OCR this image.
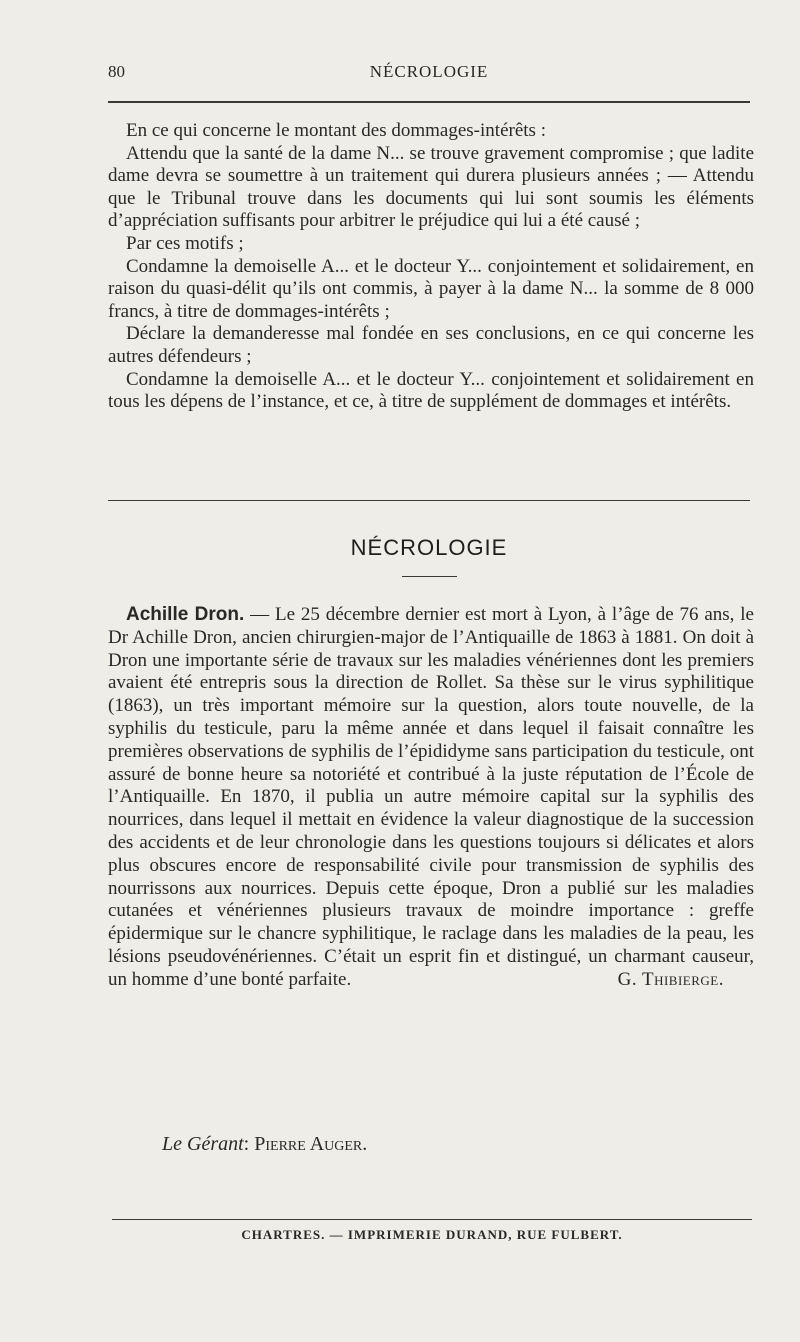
80	NÉCROLOGIE

En ce qui concerne le montant des dommages-intérêts :

Attendu que la santé de la dame N... se trouve gravement compromise ; que ladite dame devra se soumettre à un traitement qui durera plusieurs années ; — Attendu que le Tribunal trouve dans les documents qui lui sont soumis les éléments d’appréciation suffisants pour arbitrer le préjudice qui lui a été causé ;

Par ces motifs ;

Condamne la demoiselle A... et le docteur Y... conjointement et solidairement, en raison du quasi-délit qu’ils ont commis, à payer à la dame N... la somme de 8 000 francs, à titre de dommages-intérêts ;

Déclare la demanderesse mal fondée en ses conclusions, en ce qui concerne les autres défendeurs ;

Condamne la demoiselle A... et le docteur Y... conjointement et solidairement en tous les dépens de l’instance, et ce, à titre de supplément de dommages et intérêts.

NÉCROLOGIE

Achille Dron. — Le 25 décembre dernier est mort à Lyon, à l’âge de 76 ans, le Dr Achille Dron, ancien chirurgien-major de l’Antiquaille de 1863 à 1881. On doit à Dron une importante série de travaux sur les maladies vénériennes dont les premiers avaient été entrepris sous la direction de Rollet. Sa thèse sur le virus syphilitique (1863), un très important mémoire sur la question, alors toute nouvelle, de la syphilis du testicule, paru la même année et dans lequel il faisait connaître les premières observations de syphilis de l’épididyme sans participation du testicule, ont assuré de bonne heure sa notoriété et contribué à la juste réputation de l’École de l’Antiquaille. En 1870, il publia un autre mémoire capital sur la syphilis des nourrices, dans lequel il mettait en évidence la valeur diagnostique de la succession des accidents et de leur chronologie dans les questions toujours si délicates et alors plus obscures encore de responsabilité civile pour transmission de syphilis des nourrissons aux nourrices. Depuis cette époque, Dron a publié sur les maladies cutanées et vénériennes plusieurs travaux de moindre importance : greffe épidermique sur le chancre syphilitique, le raclage dans les maladies de la peau, les lésions pseudovénériennes. C’était un esprit fin et distingué, un charmant causeur, un homme d’une bonté parfaite.	G. Thibierge.

Le Gérant: Pierre Auger.
CHARTRES. — IMPRIMERIE DURAND, RUE FULBERT.
